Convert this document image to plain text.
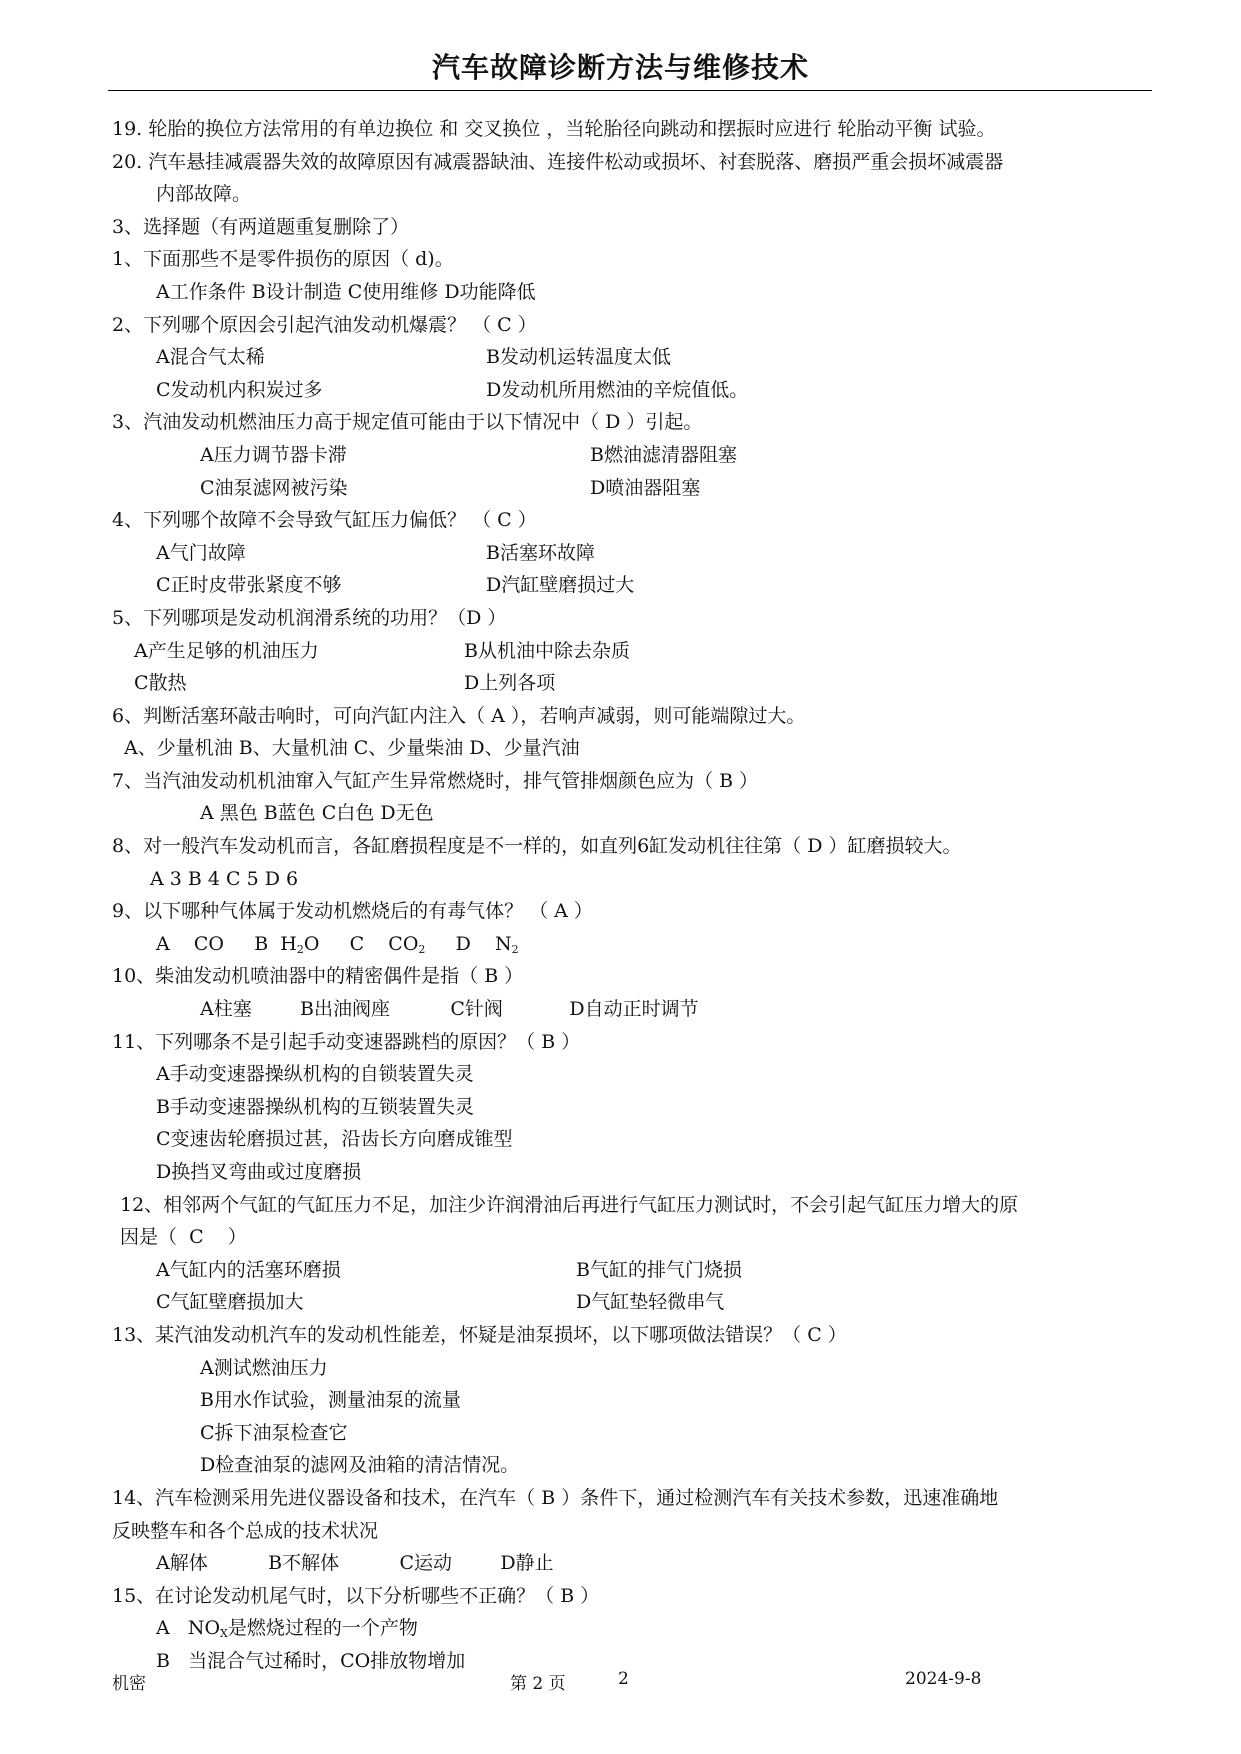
汽车故障诊断方法与维修技术
19. 轮胎的换位方法常用的有单边换位 和 交叉换位 ，当轮胎径向跳动和摆振时应进行 轮胎动平衡 试验。
20. 汽车悬挂减震器失效的故障原因有减震器缺油、连接件松动或损坏、衬套脱落、磨损严重会损坏减震器
内部故障。
3、选择题（有两道题重复删除了）
1、下面那些不是零件损伤的原因（ d)。
A工作条件 B设计制造 C使用维修 D功能降低
2、下列哪个原因会引起汽油发动机爆震？ （ C ）
A混合气太稀	B发动机运转温度太低
C发动机内积炭过多	D发动机所用燃油的辛烷值低。
3、汽油发动机燃油压力高于规定值可能由于以下情况中（ D ）引起。
A压力调节器卡滞	B燃油滤清器阻塞
C油泵滤网被污染	D喷油器阻塞
4、下列哪个故障不会导致气缸压力偏低？ （ C ）
A气门故障	B活塞环故障
C正时皮带张紧度不够	D汽缸壁磨损过大
5、下列哪项是发动机润滑系统的功用？（D ）
A产生足够的机油压力	B从机油中除去杂质
C散热	D上列各项
6、判断活塞环敲击响时，可向汽缸内注入（ A ），若响声减弱，则可能端隙过大。
A、少量机油 B、大量机油 C、少量柴油 D、少量汽油
7、当汽油发动机机油窜入气缸产生异常燃烧时，排气管排烟颜色应为（ B ）
A 黑色 B蓝色 C白色 D无色
8、对一般汽车发动机而言，各缸磨损程度是不一样的，如直列6缸发动机往往第（ D ）缸磨损较大。
A 3 B 4 C 5 D 6
9、以下哪种气体属于发动机燃烧后的有毒气体？ （ A ）
A    CO     B  $H_2O$     C    $CO_2$     D    $N_2$
10、柴油发动机喷油器中的精密偶件是指（ B ）
A柱塞        B出油阀座          C针阀           D自动正时调节
11、下列哪条不是引起手动变速器跳档的原因？（ B ）
A手动变速器操纵机构的自锁装置失灵
B手动变速器操纵机构的互锁装置失灵
C变速齿轮磨损过甚，沿齿长方向磨成锥型
D换挡叉弯曲或过度磨损
12、相邻两个气缸的气缸压力不足，加注少许润滑油后再进行气缸压力测试时，不会引起气缸压力增大的原
因是（  C    ）
A气缸内的活塞环磨损	B气缸的排气门烧损
C气缸壁磨损加大	D气缸垫轻微串气
13、某汽油发动机汽车的发动机性能差，怀疑是油泵损坏，以下哪项做法错误？（ C ）
A测试燃油压力
B用水作试验，测量油泵的流量
C拆下油泵检查它
D检查油泵的滤网及油箱的清洁情况。
14、汽车检测采用先进仪器设备和技术，在汽车（ B ）条件下，通过检测汽车有关技术参数，迅速准确地
反映整车和各个总成的技术状况
A解体          B不解体          C运动        D静止
15、在讨论发动机尾气时，以下分析哪些不正确？（ B ）
A   $NO_X$是燃烧过程的一个产物
B   当混合气过稀时，CO排放物增加
机密	第 2 页	2	2024-9-8
